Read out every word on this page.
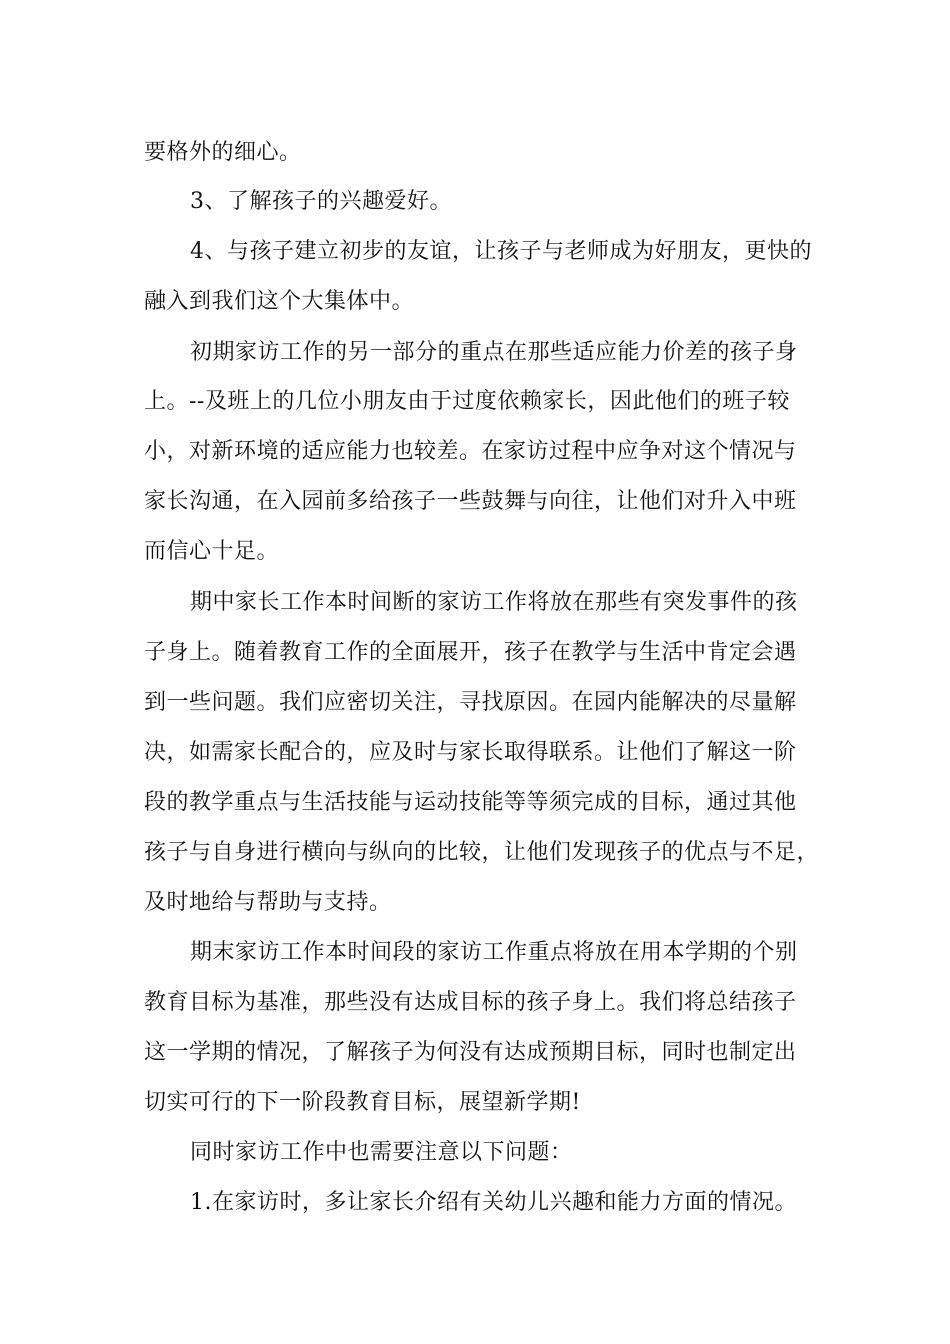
要格外的细心。
3、了解孩子的兴趣爱好。
4、与孩子建立初步的友谊，让孩子与老师成为好朋友，更快的
融入到我们这个大集体中。
初期家访工作的另一部分的重点在那些适应能力价差的孩子身
上。--及班上的几位小朋友由于过度依赖家长，因此他们的班子较
小，对新环境的适应能力也较差。在家访过程中应争对这个情况与
家长沟通，在入园前多给孩子一些鼓舞与向往，让他们对升入中班
而信心十足。
期中家长工作本时间断的家访工作将放在那些有突发事件的孩
子身上。随着教育工作的全面展开，孩子在教学与生活中肯定会遇
到一些问题。我们应密切关注，寻找原因。在园内能解决的尽量解
决，如需家长配合的，应及时与家长取得联系。让他们了解这一阶
段的教学重点与生活技能与运动技能等等须完成的目标，通过其他
孩子与自身进行横向与纵向的比较，让他们发现孩子的优点与不足，
及时地给与帮助与支持。
期末家访工作本时间段的家访工作重点将放在用本学期的个别
教育目标为基准，那些没有达成目标的孩子身上。我们将总结孩子
这一学期的情况，了解孩子为何没有达成预期目标，同时也制定出
切实可行的下一阶段教育目标，展望新学期!
同时家访工作中也需要注意以下问题：
1.在家访时，多让家长介绍有关幼儿兴趣和能力方面的情况。
